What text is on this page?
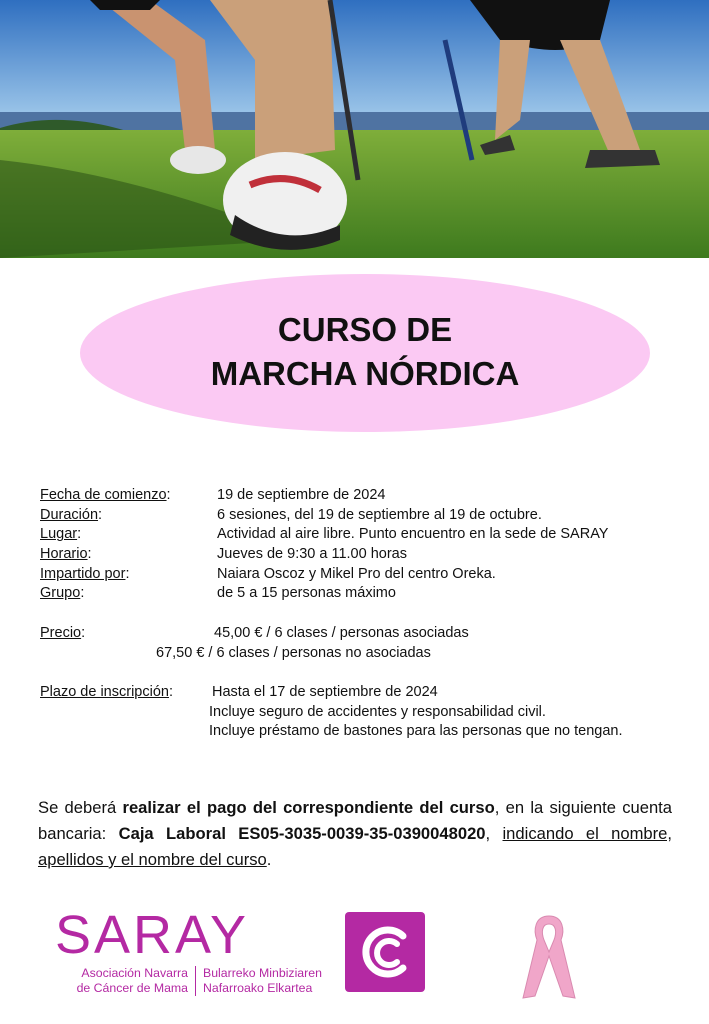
CURSO DE
MARCHA NÓRDICA
Fecha de comienzo:	19 de septiembre de 2024
Duración:	6 sesiones, del 19 de septiembre al 19 de octubre.
Lugar:	Actividad al aire libre. Punto encuentro en la sede de SARAY
Horario:	Jueves de 9:30 a 11.00 horas
Impartido por:	Naiara Oscoz y Mikel Pro del centro Oreka.
Grupo:	de 5 a 15 personas máximo
Precio:	45,00 € / 6 clases / personas asociadas
67,50 € / 6 clases / personas no asociadas
Plazo de inscripción:	Hasta el 17 de septiembre de 2024
Incluye seguro de accidentes y responsabilidad civil.
Incluye préstamo de bastones para las personas que no tengan.

Se deberá realizar el pago del correspondiente del curso, en la siguiente cuenta bancaria: Caja Laboral ES05-3035-0039-35-0390048020, indicando el nombre, apellidos y el nombre del curso.

SARAY
Asociación Navarra
de Cáncer de Mama
Bularreko Minbiziaren
Nafarroako Elkartea
